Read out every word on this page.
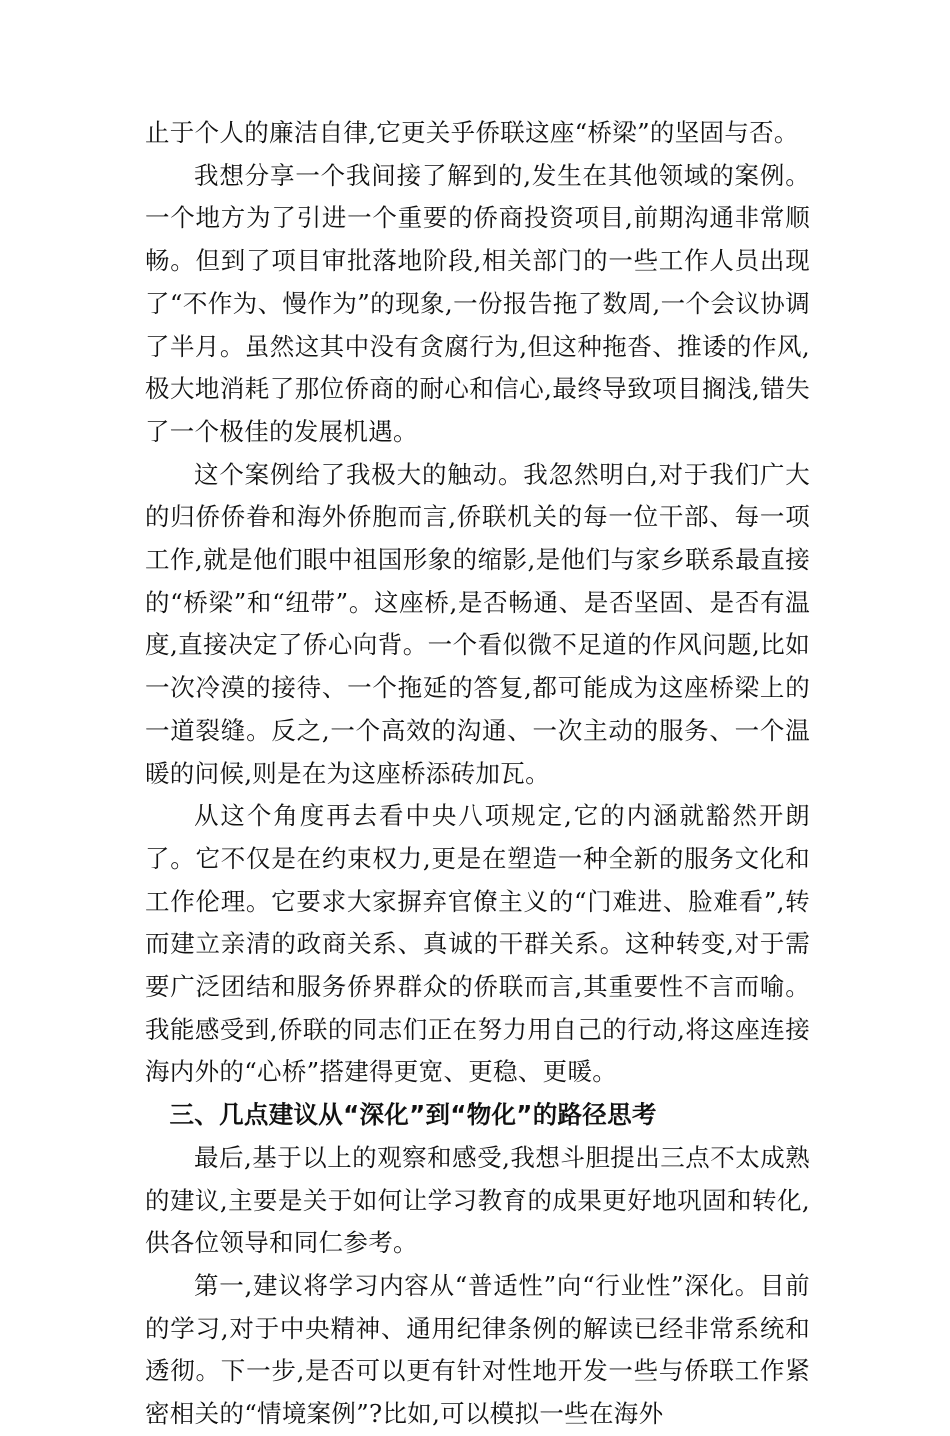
止于个人的廉洁自律,它更关乎侨联这座“桥梁”的坚固与否。

我想分享一个我间接了解到的,发生在其他领域的案例。一个地方为了引进一个重要的侨商投资项目,前期沟通非常顺畅。但到了项目审批落地阶段,相关部门的一些工作人员出现了“不作为、慢作为”的现象,一份报告拖了数周,一个会议协调了半月。虽然这其中没有贪腐行为,但这种拖沓、推诿的作风,极大地消耗了那位侨商的耐心和信心,最终导致项目搁浅,错失了一个极佳的发展机遇。

这个案例给了我极大的触动。我忽然明白,对于我们广大的归侨侨眷和海外侨胞而言,侨联机关的每一位干部、每一项工作,就是他们眼中祖国形象的缩影,是他们与家乡联系最直接的“桥梁”和“纽带”。这座桥,是否畅通、是否坚固、是否有温度,直接决定了侨心向背。一个看似微不足道的作风问题,比如一次冷漠的接待、一个拖延的答复,都可能成为这座桥梁上的一道裂缝。反之,一个高效的沟通、一次主动的服务、一个温暖的问候,则是在为这座桥添砖加瓦。

从这个角度再去看中央八项规定,它的内涵就豁然开朗了。它不仅是在约束权力,更是在塑造一种全新的服务文化和工作伦理。它要求大家摒弃官僚主义的“门难进、脸难看”,转而建立亲清的政商关系、真诚的干群关系。这种转变,对于需要广泛团结和服务侨界群众的侨联而言,其重要性不言而喻。我能感受到,侨联的同志们正在努力用自己的行动,将这座连接海内外的“心桥”搭建得更宽、更稳、更暖。

三、几点建议从“深化”到“物化”的路径思考

最后,基于以上的观察和感受,我想斗胆提出三点不太成熟的建议,主要是关于如何让学习教育的成果更好地巩固和转化,供各位领导和同仁参考。

第一,建议将学习内容从“普适性”向“行业性”深化。目前的学习,对于中央精神、通用纪律条例的解读已经非常系统和透彻。下一步,是否可以更有针对性地开发一些与侨联工作紧密相关的“情境案例”?比如,可以模拟一些在海外
